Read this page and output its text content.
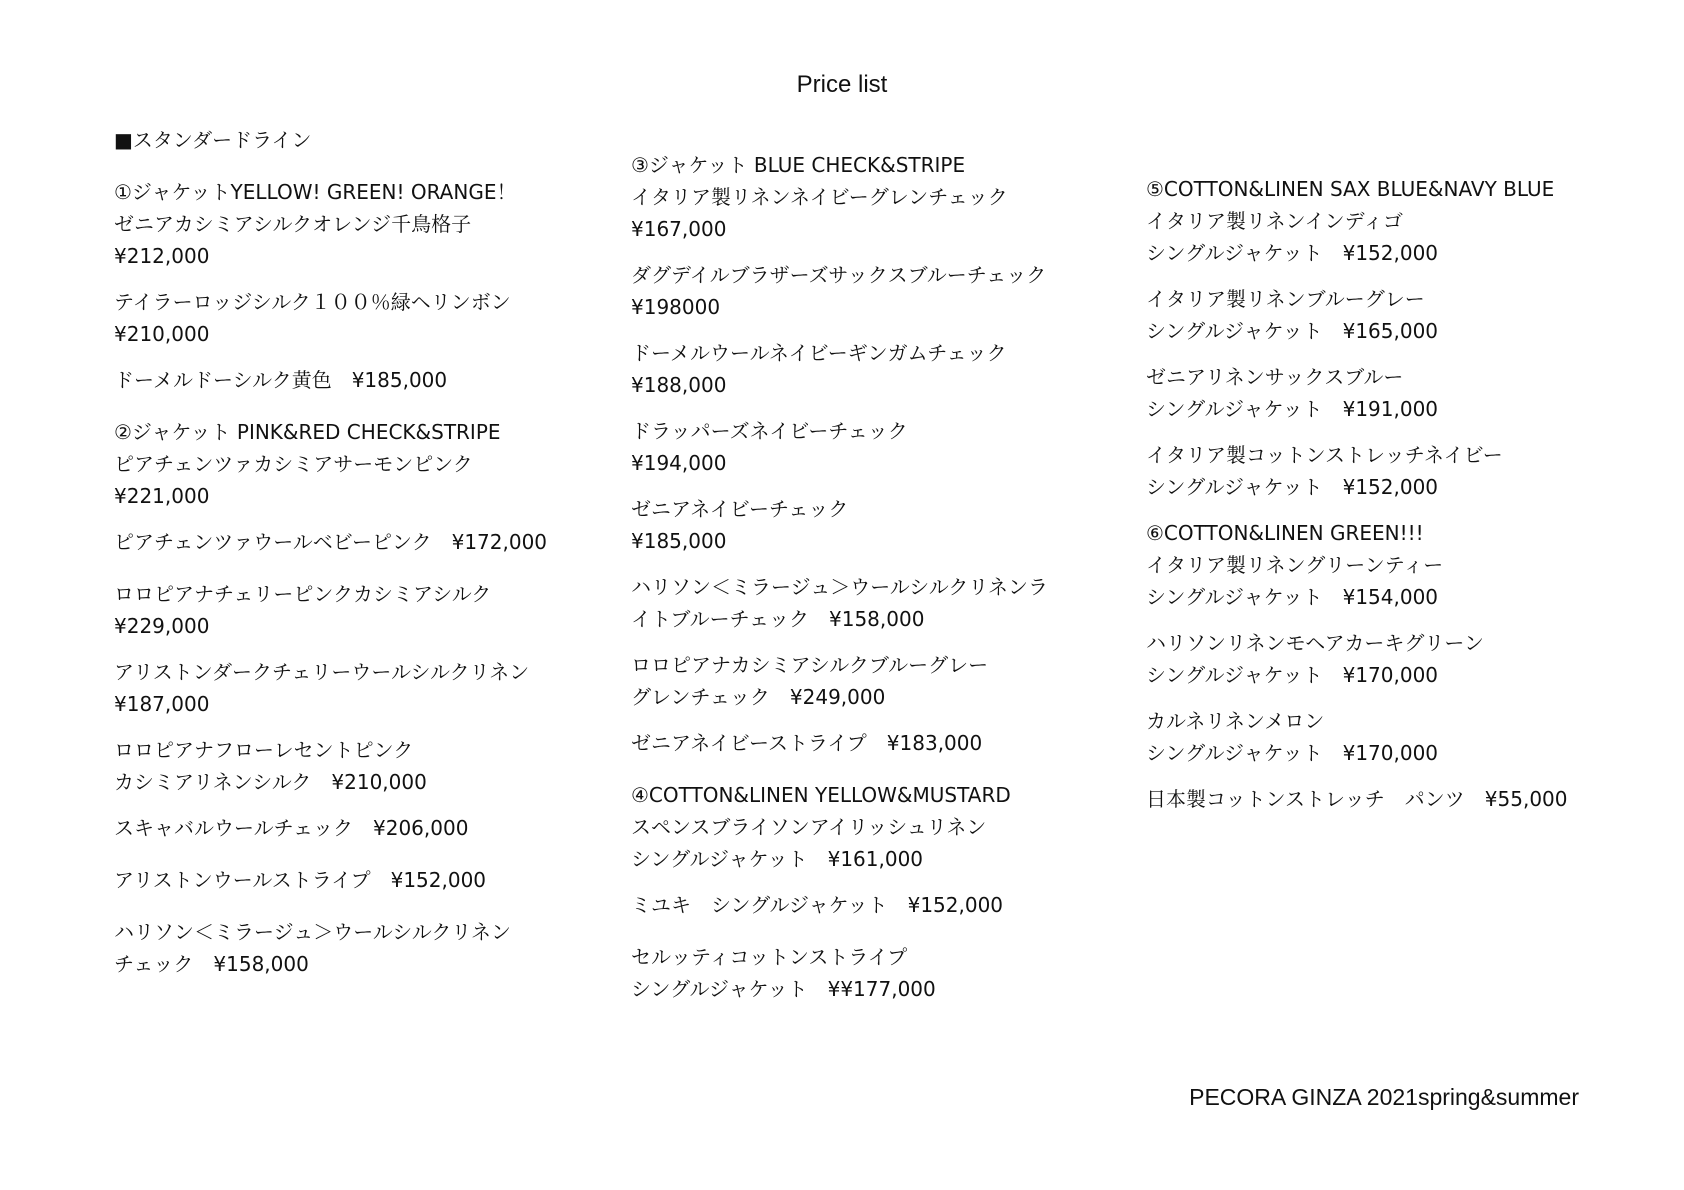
Price list
■スタンダードライン
①ジャケットYELLOW! GREEN! ORANGE！
ゼニアカシミアシルクオレンジ千鳥格子
¥212,000
テイラーロッジシルク１００％緑ヘリンボン
¥210,000
ドーメルドーシルク黄色　¥185,000
②ジャケット PINK&RED CHECK&STRIPE
ピアチェンツァカシミアサーモンピンク
¥221,000
ピアチェンツァウールベビーピンク　¥172,000
ロロピアナチェリーピンクカシミアシルク
¥229,000
アリストンダークチェリーウールシルクリネン
¥187,000
ロロピアナフローレセントピンク
カシミアリネンシルク　¥210,000
スキャバルウールチェック　¥206,000
アリストンウールストライプ　¥152,000
ハリソン＜ミラージュ＞ウールシルクリネン
チェック　¥158,000
③ジャケット BLUE CHECK&STRIPE
イタリア製リネンネイビーグレンチェック
¥167,000
ダグデイルブラザーズサックスブルーチェック
¥198000
ドーメルウールネイビーギンガムチェック
¥188,000
ドラッパーズネイビーチェック
¥194,000
ゼニアネイビーチェック
¥185,000
ハリソン＜ミラージュ＞ウールシルクリネンラ
イトブルーチェック　¥158,000
ロロピアナカシミアシルクブルーグレー
グレンチェック　¥249,000
ゼニアネイビーストライプ　¥183,000
④COTTON&LINEN YELLOW&MUSTARD
スペンスブライソンアイリッシュリネン
シングルジャケット　¥161,000
ミユキ　シングルジャケット　¥152,000
セルッティコットンストライプ
シングルジャケット　¥¥177,000
⑤COTTON&LINEN SAX BLUE&NAVY BLUE
イタリア製リネンインディゴ
シングルジャケット　¥152,000
イタリア製リネンブルーグレー
シングルジャケット　¥165,000
ゼニアリネンサックスブルー
シングルジャケット　¥191,000
イタリア製コットンストレッチネイビー
シングルジャケット　¥152,000
⑥COTTON&LINEN GREEN!!!
イタリア製リネングリーンティー
シングルジャケット　¥154,000
ハリソンリネンモヘアカーキグリーン
シングルジャケット　¥170,000
カルネリネンメロン
シングルジャケット　¥170,000
日本製コットンストレッチ　パンツ　¥55,000
PECORA GINZA 2021spring&summer
